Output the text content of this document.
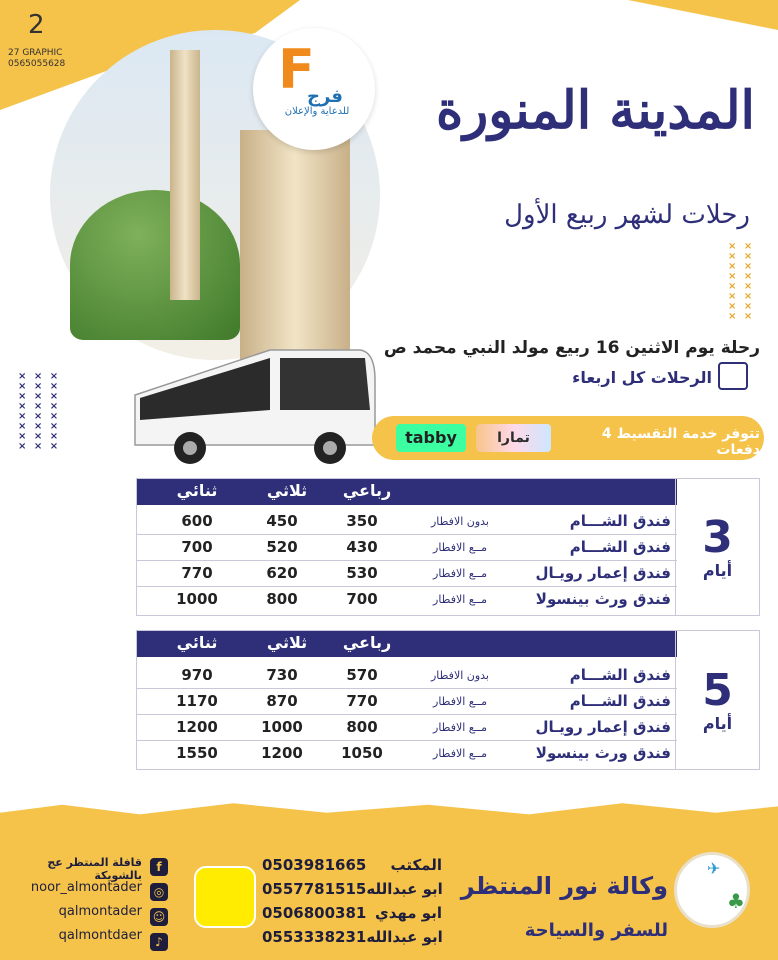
2
27 GRAPHIC
0565055628	F
فرج
للدعاية والإعلان	المدينة المنورة
رحلات لشهر ربيع الأول
× ×
× ×
× ×
× ×
× ×
× ×
× ×
× ×
× × ×
× × ×
× × ×
× × ×
× × ×
× × ×
× × ×
× × ×
رحلة يوم الاثنين 16 ربيع مولد النبي محمد ص
الرحلات كل اربعاء
تتوفر خدمة التقسيط 4 دفعات
تمارا
tabby
رباعي
ثلاثي
ثنائي
فندق الشـــام
بدون الافطار
350
450
600
فندق الشـــام
مــع الافطار
430
520
700
فندق إعمار رويـال
مــع الافطار
530
620
770
فندق ورث بينسولا
مــع الافطار
700
800
1000
3
أيام
رباعي
ثلاثي
ثنائي
فندق الشـــام
بدون الافطار
570
730
970
فندق الشـــام
مــع الافطار
770
870
1170
فندق إعمار رويـال
مــع الافطار
800
1000
1200
فندق ورث بينسولا
مــع الافطار
1050
1200
1550
5
أيام
✈
♣
وكالة نور المنتظر
للسفر والسياحة
0503981665 المكتب
0557781515 ابو عبدالله
0506800381 ابو مهدي
0553338231 ابو عبدالله
f
◎
☺
♪
قافلة المنتظر عج بالشويكة
noor_almontader
qalmontader
qalmontdaer
